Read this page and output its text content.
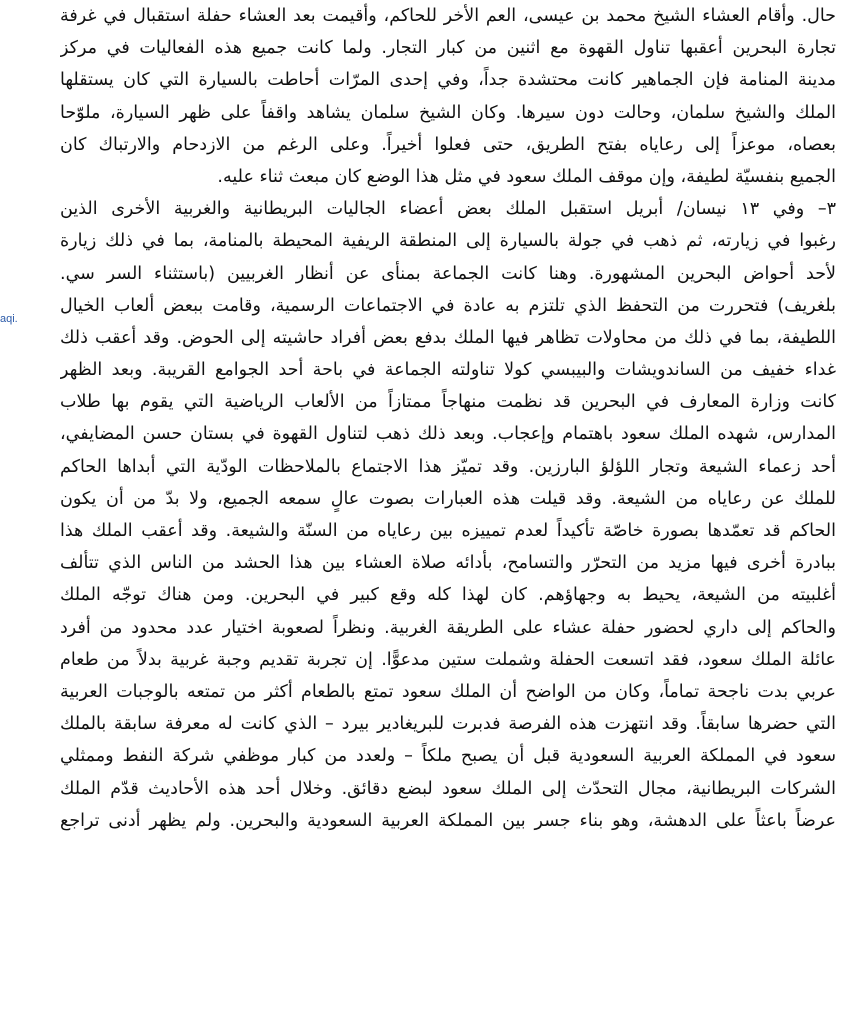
aqi.
حال. وأقام العشاء الشيخ محمد بن عيسى، العم الأخر للحاكم، وأقيمت بعد العشاء حفلة استقبال في غرفة
تجارة البحرين أعقبها تناول القهوة مع اثنين من كبار التجار. ولما كانت جميع هذه الفعاليات في مركز
مدينة المنامة فإن الجماهير كانت محتشدة جداً، وفي إحدى المرّات أحاطت بالسيارة التي كان يستقلها
الملك والشيخ سلمان، وحالت دون سيرها. وكان الشيخ سلمان يشاهد واقفاً على ظهر السيارة، ملوّحا
بعصاه، موعزاً إلى رعاياه بفتح الطريق، حتى فعلوا أخيراً. وعلى الرغم من الازدحام والارتباك كان
الجميع بنفسيّة لطيفة، وإن موقف الملك سعود في مثل هذا الوضع كان مبعث ثناء عليه.
٣– وفي ١٣ نيسان/ أبريل استقبل الملك بعض أعضاء الجاليات البريطانية والغربية الأخرى الذين
رغبوا في زيارته، ثم ذهب في جولة بالسيارة إلى المنطقة الريفية المحيطة بالمنامة، بما في ذلك زيارة
لأحد أحواض البحرين المشهورة. وهنا كانت الجماعة بمنأى عن أنظار الغربيين (باستثناء السر سي.
بلغريف) فتحررت من التحفظ الذي تلتزم به عادة في الاجتماعات الرسمية، وقامت ببعض ألعاب الخيال
اللطيفة، بما في ذلك من محاولات تظاهر فيها الملك بدفع بعض أفراد حاشيته إلى الحوض. وقد أعقب ذلك
غداء خفيف من الساندويشات والبيبسي كولا تناولته الجماعة في باحة أحد الجوامع القريبة. وبعد الظهر
كانت وزارة المعارف في البحرين قد نظمت منهاجاً ممتازاً من الألعاب الرياضية التي يقوم بها طلاب
المدارس، شهده الملك سعود باهتمام وإعجاب. وبعد ذلك ذهب لتناول القهوة في بستان حسن المضايفي،
أحد زعماء الشيعة وتجار اللؤلؤ البارزين. وقد تميّز هذا الاجتماع بالملاحظات الودّية التي أبداها الحاكم
للملك عن رعاياه من الشيعة. وقد قيلت هذه العبارات بصوت عالٍ سمعه الجميع، ولا بدّ من أن يكون
الحاكم قد تعمّدها بصورة خاصّة تأكيداً لعدم تمييزه بين رعاياه من السنّة والشيعة. وقد أعقب الملك هذا
ببادرة أخرى فيها مزيد من التحرّر والتسامح، بأدائه صلاة العشاء بين هذا الحشد من الناس الذي تتألف
أغلبيته من الشيعة، يحيط به وجهاؤهم. كان لهذا كله وقع كبير في البحرين. ومن هناك توجّه الملك
والحاكم إلى داري لحضور حفلة عشاء على الطريقة الغربية. ونظراً لصعوبة اختيار عدد محدود من أفرد
عائلة الملك سعود، فقد اتسعت الحفلة وشملت ستين مدعوًّا. إن تجربة تقديم وجبة غربية بدلاً من طعام
عربي بدت ناجحة تماماً، وكان من الواضح أن الملك سعود تمتع بالطعام أكثر من تمتعه بالوجبات العربية
التي حضرها سابقاً. وقد انتهزت هذه الفرصة فدبرت للبريغادير بيرد – الذي كانت له معرفة سابقة بالملك
سعود في المملكة العربية السعودية قبل أن يصبح ملكاً – ولعدد من كبار موظفي شركة النفط وممثلي
الشركات البريطانية، مجال التحدّث إلى الملك سعود لبضع دقائق. وخلال أحد هذه الأحاديث قدّم الملك
عرضاً باعثاً على الدهشة، وهو بناء جسر بين المملكة العربية السعودية والبحرين. ولم يظهر أدنى تراجع
